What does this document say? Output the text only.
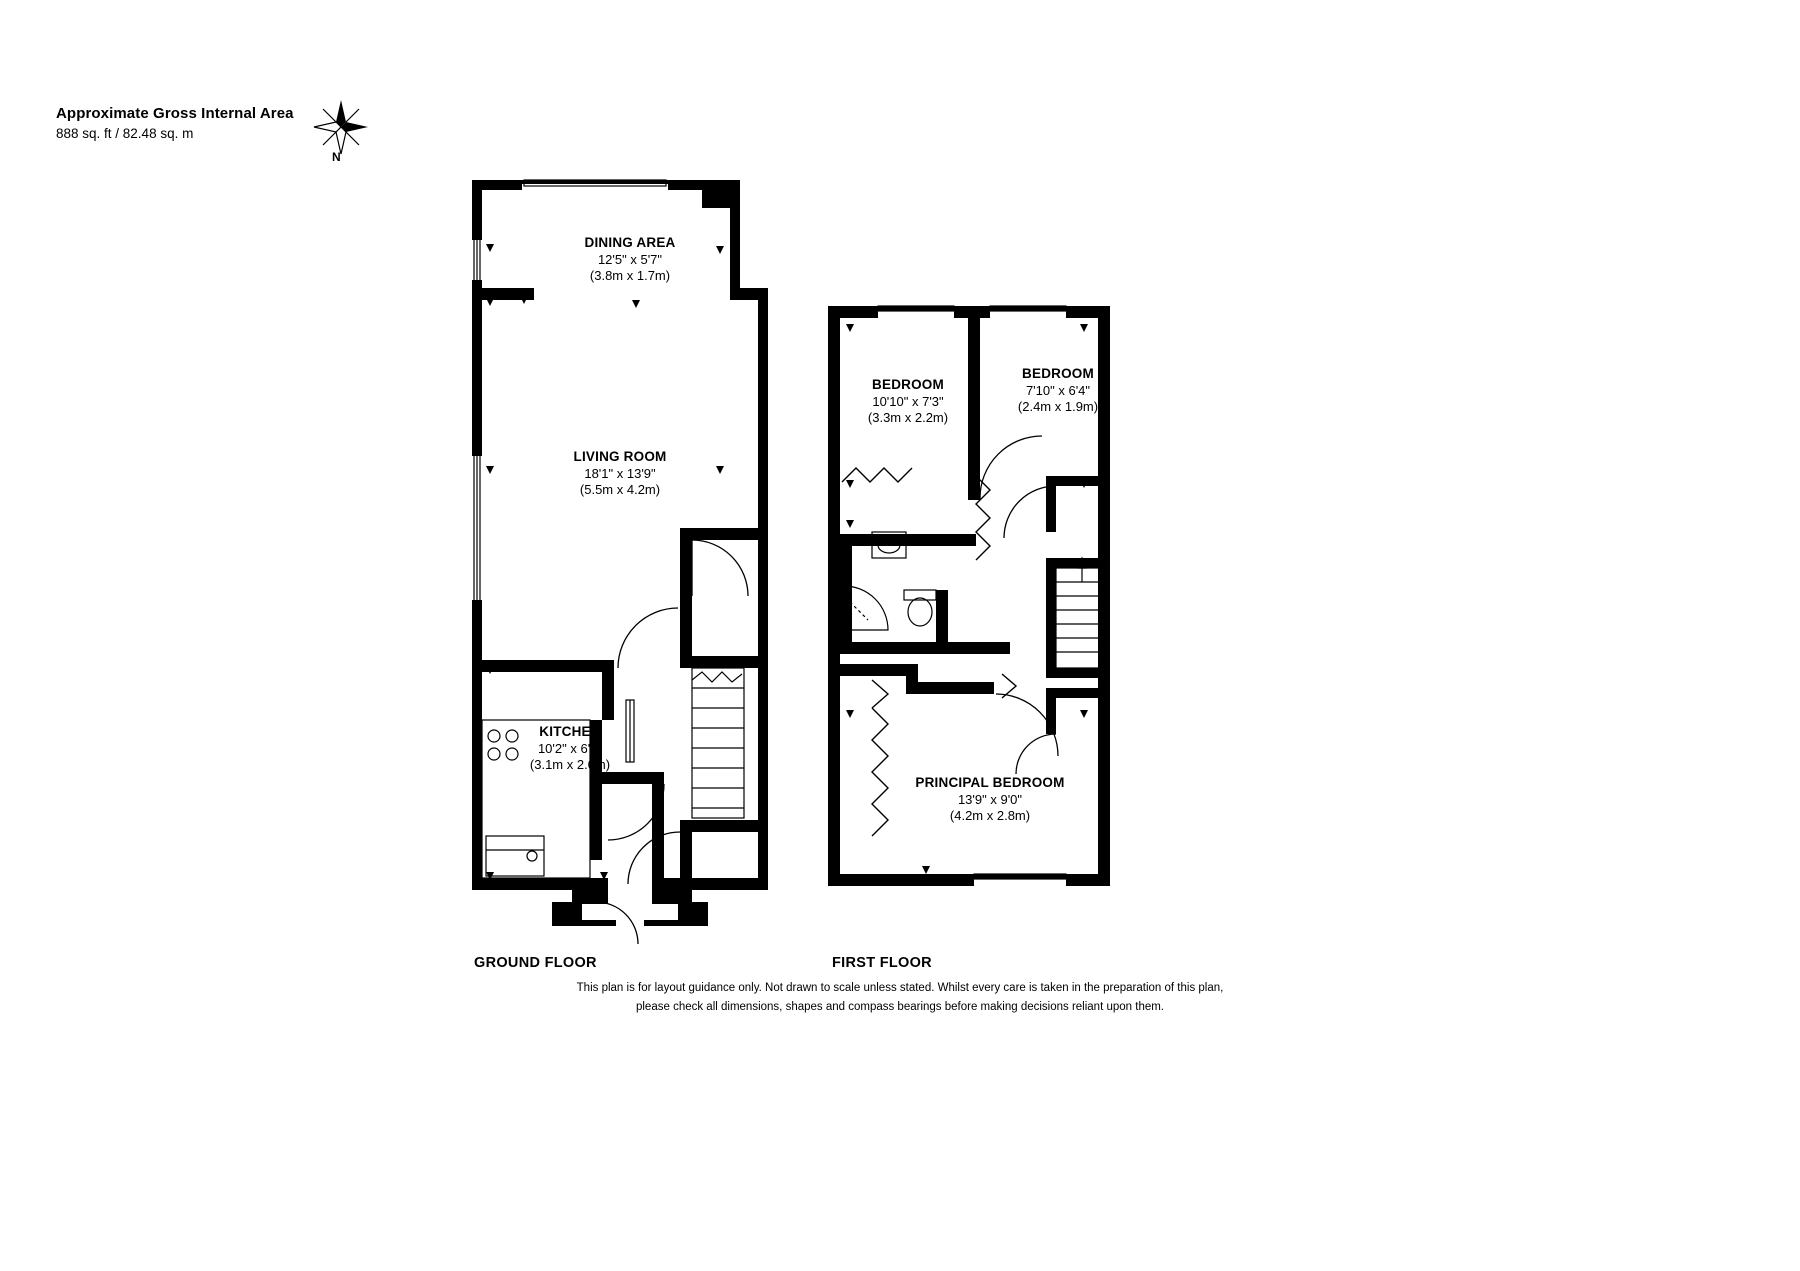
Approximate Gross Internal Area
888 sq. ft / 82.48 sq. m
N
DINING AREA
12'5" x 5'7"
(3.8m x 1.7m)
LIVING ROOM
18'1" x 13'9"
(5.5m x 4.2m)
KITCHEN
10'2" x 6'7"
(3.1m x 2.0m)
BEDROOM
10'10" x 7'3"
(3.3m x 2.2m)
BEDROOM
7'10" x 6'4"
(2.4m x 1.9m)
PRINCIPAL BEDROOM
13'9" x 9'0"
(4.2m x 2.8m)
GROUND FLOOR	FIRST FLOOR
This plan is for layout guidance only. Not drawn to scale unless stated. Whilst every care is taken in the preparation of this plan,
please check all dimensions, shapes and compass bearings before making decisions reliant upon them.
